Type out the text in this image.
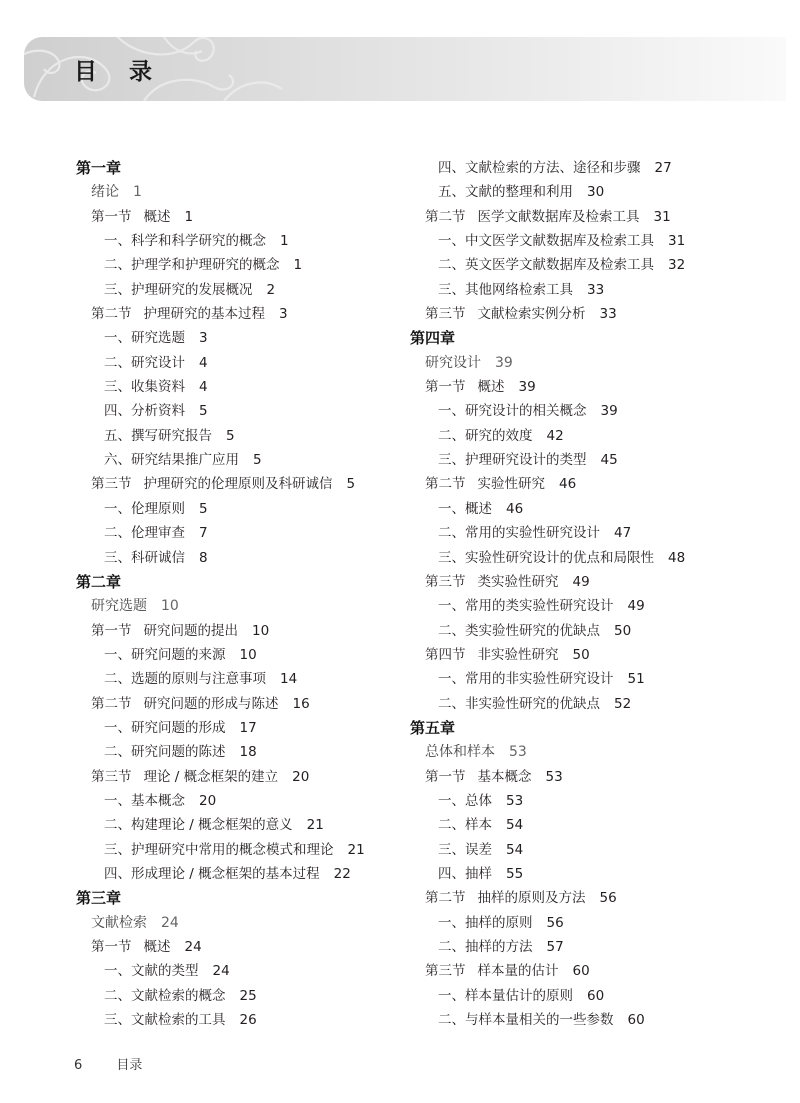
目 录
第一章
绪论 1
第一节 概述 1
一、科学和科学研究的概念 1
二、护理学和护理研究的概念 1
三、护理研究的发展概况 2
第二节 护理研究的基本过程 3
一、研究选题 3
二、研究设计 4
三、收集资料 4
四、分析资料 5
五、撰写研究报告 5
六、研究结果推广应用 5
第三节 护理研究的伦理原则及科研诚信 5
一、伦理原则 5
二、伦理审查 7
三、科研诚信 8
第二章
研究选题 10
第一节 研究问题的提出 10
一、研究问题的来源 10
二、选题的原则与注意事项 14
第二节 研究问题的形成与陈述 16
一、研究问题的形成 17
二、研究问题的陈述 18
第三节 理论 / 概念框架的建立 20
一、基本概念 20
二、构建理论 / 概念框架的意义 21
三、护理研究中常用的概念模式和理论 21
四、形成理论 / 概念框架的基本过程 22
第三章
文献检索 24
第一节 概述 24
一、文献的类型 24
二、文献检索的概念 25
三、文献检索的工具 26
四、文献检索的方法、途径和步骤 27
五、文献的整理和利用 30
第二节 医学文献数据库及检索工具 31
一、中文医学文献数据库及检索工具 31
二、英文医学文献数据库及检索工具 32
三、其他网络检索工具 33
第三节 文献检索实例分析 33
第四章
研究设计 39
第一节 概述 39
一、研究设计的相关概念 39
二、研究的效度 42
三、护理研究设计的类型 45
第二节 实验性研究 46
一、概述 46
二、常用的实验性研究设计 47
三、实验性研究设计的优点和局限性 48
第三节 类实验性研究 49
一、常用的类实验性研究设计 49
二、类实验性研究的优缺点 50
第四节 非实验性研究 50
一、常用的非实验性研究设计 51
二、非实验性研究的优缺点 52
第五章
总体和样本 53
第一节 基本概念 53
一、总体 53
二、样本 54
三、误差 54
四、抽样 55
第二节 抽样的原则及方法 56
一、抽样的原则 56
二、抽样的方法 57
第三节 样本量的估计 60
一、样本量估计的原则 60
二、与样本量相关的一些参数 60
6	目录
